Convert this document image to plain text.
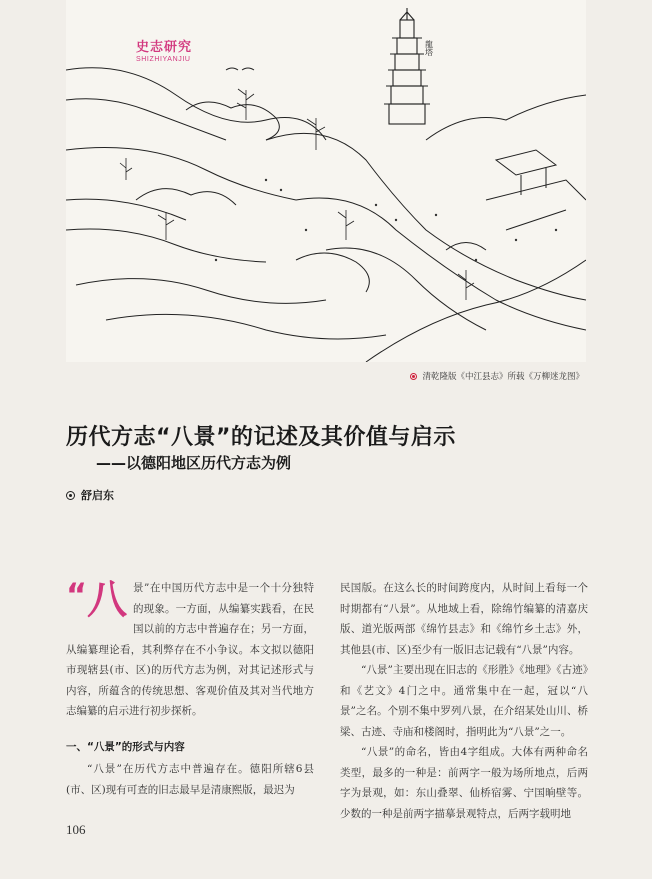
龍塔
史志研究
SHIZHIYANJIU
清乾隆版《中江县志》所载《万柳迷龙图》
历代方志“八景”的记述及其价值与启示
——以德阳地区历代方志为例
舒启东

“ 八 景”在中国历代方志中是一个十分独特的现象。一方面，从编纂实践看，在民国以前的方志中普遍存在；另一方面，从编纂理论看，其利弊存在不小争议。本文拟以德阳市现辖县(市、区)的历代方志为例，对其记述形式与内容，所蕴含的传统思想、客观价值及其对当代地方志编纂的启示进行初步探析。

一、“八景”的形式与内容

“八景”在历代方志中普遍存在。德阳所辖6县(市、区)现有可查的旧志最早是清康熙版，最迟为

民国版。在这么长的时间跨度内，从时间上看每一个时期都有“八景”。从地域上看，除绵竹编纂的清嘉庆版、道光版两部《绵竹县志》和《绵竹乡土志》外，其他县(市、区)至少有一版旧志记载有“八景”内容。

“八景”主要出现在旧志的《形胜》《地理》《古迹》和《艺文》4门之中。通常集中在一起，冠以“八景”之名。个别不集中罗列八景，在介绍某处山川、桥梁、古迹、寺庙和楼阁时，指明此为“八景”之一。

“八景”的命名，皆由4字组成。大体有两种命名类型，最多的一种是：前两字一般为场所地点，后两字为景观，如：东山叠翠、仙桥宿雾、宁国晌壁等。少数的一种是前两字描摹景观特点，后两字载明地

106
